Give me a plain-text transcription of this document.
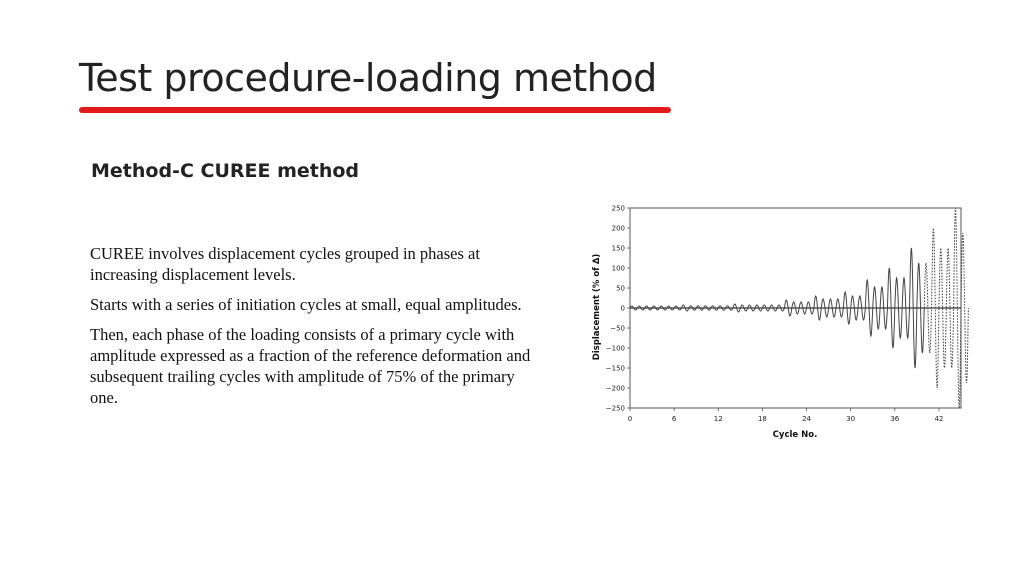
Test procedure-loading method
Method-C CUREE method

CUREE involves displacement cycles grouped in phases at increasing displacement levels.

Starts with a series of initiation cycles at small, equal amplitudes.

Then, each phase of the loading consists of a primary cycle with amplitude expressed as a fraction of the reference deformation and subsequent trailing cycles with amplitude of 75% of the primary one.

250
200
150
100
50
0
−50
−100
−150
−200
−250
0	6	12	18	24	30	36	42
Displacement (% of Δ)
Cycle No.
